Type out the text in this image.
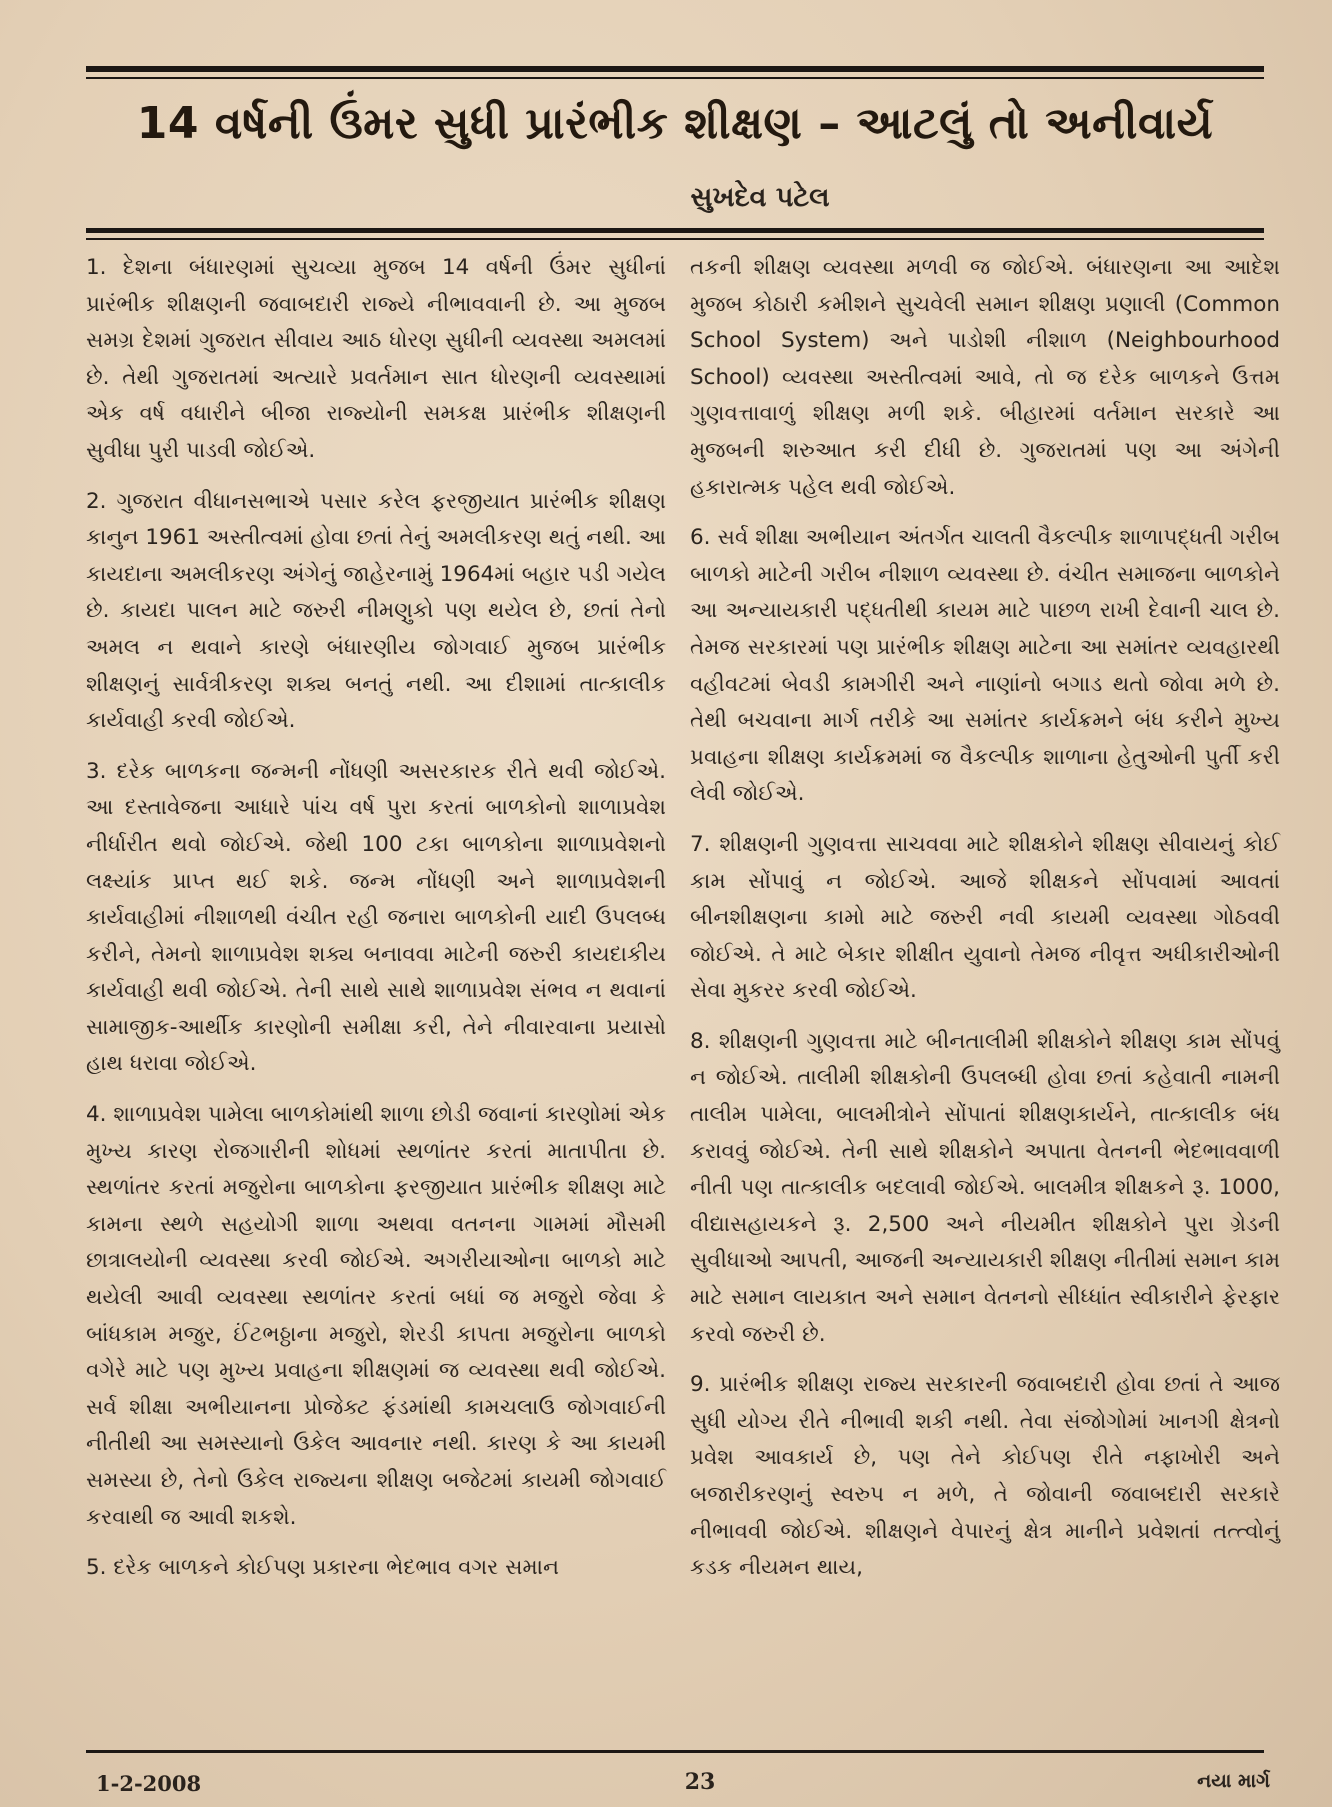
14 વર્ષની ઉંમર સુધી પ્રારંભીક શીક્ષણ – આટલું તો અનીવાર્ય
સુખદેવ પટેલ

1. દેશના બંધારણમાં સુચવ્યા મુજબ 14 વર્ષની ઉંમર સુધીનાં પ્રારંભીક શીક્ષણની જવાબદારી રાજ્યે નીભાવવાની છે. આ મુજબ સમગ્ર દેશમાં ગુજરાત સીવાય આઠ ધોરણ સુધીની વ્યવસ્થા અમલમાં છે. તેથી ગુજરાતમાં અત્યારે પ્રવર્તમાન સાત ધોરણની વ્યવસ્થામાં એક વર્ષ વધારીને બીજા રાજ્યોની સમકક્ષ પ્રારંભીક શીક્ષણની સુવીધા પુરી પાડવી જોઈએ.

2. ગુજરાત વીધાનસભાએ પસાર કરેલ ફરજીયાત પ્રારંભીક શીક્ષણ કાનુન 1961 અસ્તીત્વમાં હોવા છતાં તેનું અમલીકરણ થતું નથી. આ કાયદાના અમલીકરણ અંગેનું જાહેરનામું 1964માં બહાર પડી ગયેલ છે. કાયદા પાલન માટે જરુરી નીમણુકો પણ થયેલ છે, છતાં તેનો અમલ ન થવાને કારણે બંધારણીય જોગવાઈ મુજબ પ્રારંભીક શીક્ષણનું સાર્વત્રીકરણ શક્ય બનતું નથી. આ દીશામાં તાત્કાલીક કાર્યવાહી કરવી જોઈએ.

3. દરેક બાળકના જન્મની નોંધણી અસરકારક રીતે થવી જોઈએ. આ દસ્તાવેજના આધારે પાંચ વર્ષ પુરા કરતાં બાળકોનો શાળાપ્રવેશ નીર્ધારીત થવો જોઈએ. જેથી 100 ટકા બાળકોના શાળાપ્રવેશનો લક્ષ્યાંક પ્રાપ્ત થઈ શકે. જન્મ નોંધણી અને શાળાપ્રવેશની કાર્યવાહીમાં નીશાળથી વંચીત રહી જનારા બાળકોની યાદી ઉપલબ્ધ કરીને, તેમનો શાળાપ્રવેશ શક્ય બનાવવા માટેની જરુરી કાયદાકીય કાર્યવાહી થવી જોઈએ. તેની સાથે સાથે શાળાપ્રવેશ સંભવ ન થવાનાં સામાજીક-આર્થીક કારણોની સમીક્ષા કરી, તેને નીવારવાના પ્રયાસો હાથ ધરાવા જોઈએ.

4. શાળાપ્રવેશ પામેલા બાળકોમાંથી શાળા છોડી જવાનાં કારણોમાં એક મુખ્ય કારણ રોજગારીની શોધમાં સ્થળાંતર કરતાં માતાપીતા છે. સ્થળાંતર કરતાં મજુરોના બાળકોના ફરજીયાત પ્રારંભીક શીક્ષણ માટે કામના સ્થળે સહયોગી શાળા અથવા વતનના ગામમાં મૌસમી છાત્રાલયોની વ્યવસ્થા કરવી જોઈએ. અગરીયાઓના બાળકો માટે થયેલી આવી વ્યવસ્થા સ્થળાંતર કરતાં બધાં જ મજુરો જેવા કે બાંધકામ મજુર, ઈંટભઠ્ઠાના મજુરો, શેરડી કાપતા મજુરોના બાળકો વગેરે માટે પણ મુખ્ય પ્રવાહના શીક્ષણમાં જ વ્યવસ્થા થવી જોઈએ. સર્વ શીક્ષા અભીયાનના પ્રોજેક્ટ ફંડમાંથી કામચલાઉ જોગવાઈની નીતીથી આ સમસ્યાનો ઉકેલ આવનાર નથી. કારણ કે આ કાયમી સમસ્યા છે, તેનો ઉકેલ રાજ્યના શીક્ષણ બજેટમાં કાયમી જોગવાઈ કરવાથી જ આવી શકશે.

5. દરેક બાળકને કોઈપણ પ્રકારના ભેદભાવ વગર સમાન

તકની શીક્ષણ વ્યવસ્થા મળવી જ જોઈએ. બંધારણના આ આદેશ મુજબ કોઠારી કમીશને સુચવેલી સમાન શીક્ષણ પ્રણાલી (Common School System) અને પાડોશી નીશાળ (Neighbourhood School) વ્યવસ્થા અસ્તીત્વમાં આવે, તો જ દરેક બાળકને ઉત્તમ ગુણવત્તાવાળું શીક્ષણ મળી શકે. બીહારમાં વર્તમાન સરકારે આ મુજબની શરુઆત કરી દીધી છે. ગુજરાતમાં પણ આ અંગેની હકારાત્મક પહેલ થવી જોઈએ.

6. સર્વ શીક્ષા અભીયાન અંતર્ગત ચાલતી વૈકલ્પીક શાળાપદ્ધતી ગરીબ બાળકો માટેની ગરીબ નીશાળ વ્યવસ્થા છે. વંચીત સમાજના બાળકોને આ અન્યાયકારી પદ્ધતીથી કાયમ માટે પાછળ રાખી દેવાની ચાલ છે. તેમજ સરકારમાં પણ પ્રારંભીક શીક્ષણ માટેના આ સમાંતર વ્યવહારથી વહીવટમાં બેવડી કામગીરી અને નાણાંનો બગાડ થતો જોવા મળે છે. તેથી બચવાના માર્ગ તરીકે આ સમાંતર કાર્યક્રમને બંધ કરીને મુખ્ય પ્રવાહના શીક્ષણ કાર્યક્રમમાં જ વૈકલ્પીક શાળાના હેતુઓની પુર્તી કરી લેવી જોઈએ.

7. શીક્ષણની ગુણવત્તા સાચવવા માટે શીક્ષકોને શીક્ષણ સીવાયનું કોઈ કામ સોંપાવું ન જોઈએ. આજે શીક્ષકને સોંપવામાં આવતાં બીનશીક્ષણના કામો માટે જરુરી નવી કાયમી વ્યવસ્થા ગોઠવવી જોઈએ. તે માટે બેકાર શીક્ષીત યુવાનો તેમજ નીવૃત્ત અધીકારીઓની સેવા મુકરર કરવી જોઈએ.

8. શીક્ષણની ગુણવત્તા માટે બીનતાલીમી શીક્ષકોને શીક્ષણ કામ સોંપવું ન જોઈએ. તાલીમી શીક્ષકોની ઉપલબ્ધી હોવા છતાં કહેવાતી નામની તાલીમ પામેલા, બાલમીત્રોને સોંપાતાં શીક્ષણકાર્યને, તાત્કાલીક બંધ કરાવવું જોઈએ. તેની સાથે શીક્ષકોને અપાતા વેતનની ભેદભાવવાળી નીતી પણ તાત્કાલીક બદલાવી જોઈએ. બાલમીત્ર શીક્ષકને રૂ. 1000, વીદ્યાસહાયકને રૂ. 2,500 અને નીયમીત શીક્ષકોને પુરા ગ્રેડની સુવીધાઓ આપતી, આજની અન્યાયકારી શીક્ષણ નીતીમાં સમાન કામ માટે સમાન લાયકાત અને સમાન વેતનનો સીધ્ધાંત સ્વીકારીને ફેરફાર કરવો જરુરી છે.

9. પ્રારંભીક શીક્ષણ રાજ્ય સરકારની જવાબદારી હોવા છતાં તે આજ સુધી યોગ્ય રીતે નીભાવી શકી નથી. તેવા સંજોગોમાં ખાનગી ક્ષેત્રનો પ્રવેશ આવકાર્ય છે, પણ તેને કોઈપણ રીતે નફાખોરી અને બજારીકરણનું સ્વરુપ ન મળે, તે જોવાની જવાબદારી સરકારે નીભાવવી જોઈએ. શીક્ષણને વેપારનું ક્ષેત્ર માનીને પ્રવેશતાં તત્ત્વોનું કડક નીયમન થાય,

1-2-2008	23	નયા માર્ગ
